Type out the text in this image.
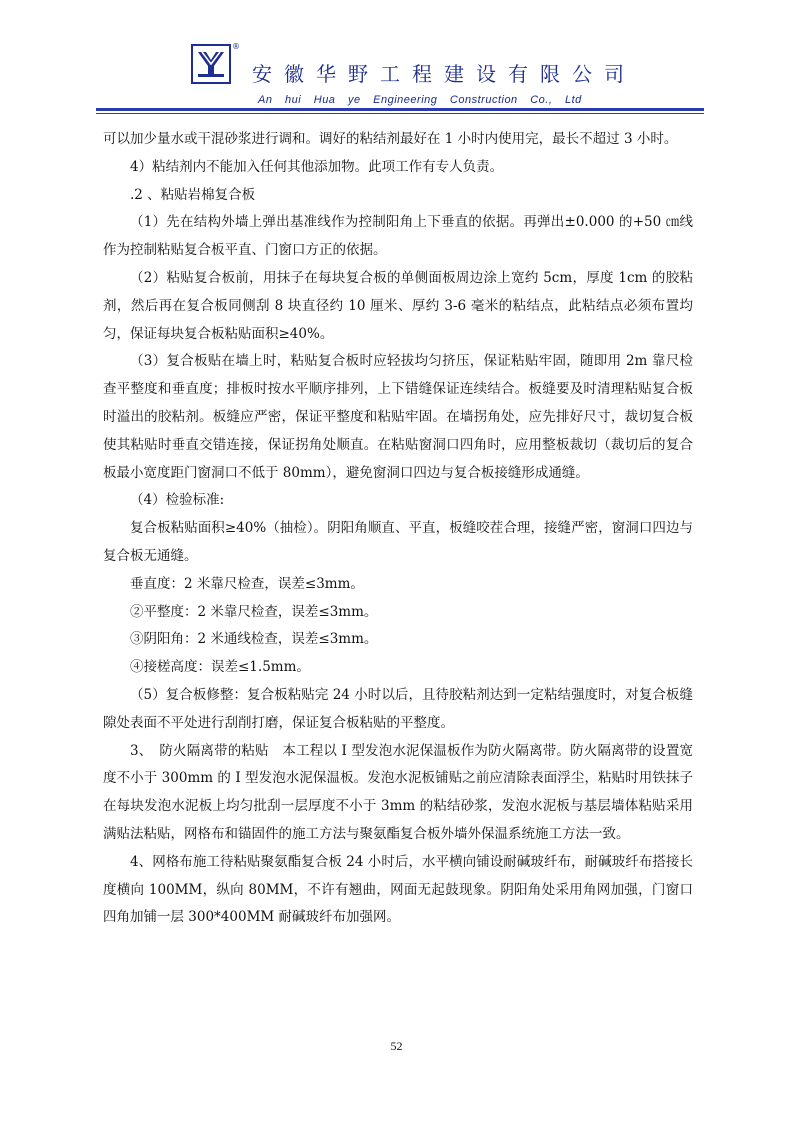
®
安徽华野工程建设有限公司
An hui Hua ye Engineering Construction Co., Ltd

可以加少量水或干混砂浆进行调和。调好的粘结剂最好在 1 小时内使用完，最长不超过 3 小时。

4）粘结剂内不能加入任何其他添加物。此项工作有专人负责。

.2 、粘贴岩棉复合板

（1）先在结构外墙上弹出基准线作为控制阳角上下垂直的依据。再弹出±0.000 的+50 ㎝线作为控制粘贴复合板平直、门窗口方正的依据。

（2）粘贴复合板前，用抹子在每块复合板的单侧面板周边涂上宽约 5cm，厚度 1cm 的胶粘剂，然后再在复合板同侧刮 8 块直径约 10 厘米、厚约 3-6 毫米的粘结点，此粘结点必须布置均匀，保证每块复合板粘贴面积≥40%。

（3）复合板贴在墙上时，粘贴复合板时应轻拔均匀挤压，保证粘贴牢固，随即用 2m 靠尺检查平整度和垂直度；排板时按水平顺序排列，上下错缝保证连续结合。板缝要及时清理粘贴复合板时溢出的胶粘剂。板缝应严密，保证平整度和粘贴牢固。在墙拐角处，应先排好尺寸，裁切复合板使其粘贴时垂直交错连接，保证拐角处顺直。在粘贴窗洞口四角时，应用整板裁切（裁切后的复合板最小宽度距门窗洞口不低于 80mm），避免窗洞口四边与复合板接缝形成通缝。

（4）检验标准:

复合板粘贴面积≥40%（抽检）。阴阳角顺直、平直，板缝咬茬合理，接缝严密，窗洞口四边与复合板无通缝。

垂直度：2 米靠尺检查，误差≤3mm。

②平整度：2 米靠尺检查，误差≤3mm。

③阴阳角：2 米通线检查，误差≤3mm。

④接槎高度：误差≤1.5mm。

（5）复合板修整：复合板粘贴完 24 小时以后，且待胶粘剂达到一定粘结强度时，对复合板缝隙处表面不平处进行刮削打磨，保证复合板粘贴的平整度。

3、　防火隔离带的粘贴　本工程以 I 型发泡水泥保温板作为防火隔离带。防火隔离带的设置宽度不小于 300mm 的 I 型发泡水泥保温板。发泡水泥板铺贴之前应清除表面浮尘，粘贴时用铁抹子在每块发泡水泥板上均匀批刮一层厚度不小于 3mm 的粘结砂浆，发泡水泥板与基层墙体粘贴采用满贴法粘贴，网格布和锚固件的施工方法与聚氨酯复合板外墙外保温系统施工方法一致。

4、网格布施工待粘贴聚氨酯复合板 24 小时后，水平横向铺设耐碱玻纤布，耐碱玻纤布搭接长度横向 100MM，纵向 80MM，不许有翘曲，网面无起鼓现象。阴阳角处采用角网加强，门窗口四角加铺一层 300*400MM 耐碱玻纤布加强网。

52
